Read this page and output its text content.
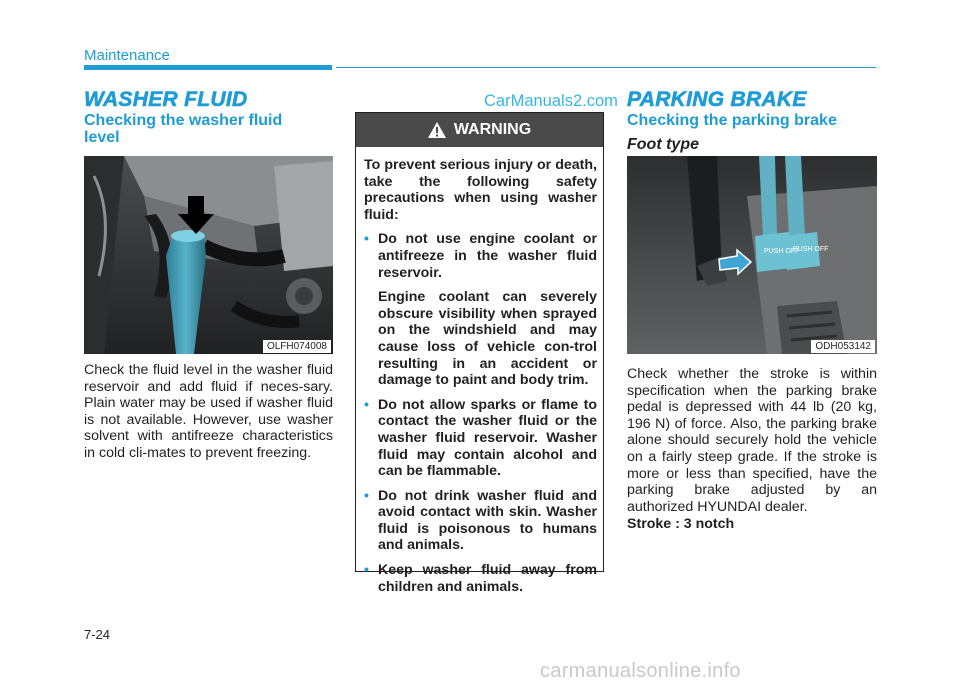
Maintenance
WASHER FLUID
Checking the washer fluid level
OLFH074008
Check the fluid level in the washer fluid reservoir and add fluid if neces-sary. Plain water may be used if washer fluid is not available. However, use washer solvent with antifreeze characteristics in cold cli-mates to prevent freezing.
CarManuals2.com
WARNING

To prevent serious injury or death, take the following safety precautions when using washer fluid:

• Do not use engine coolant or antifreeze in the washer fluid reservoir.
Engine coolant can severely obscure visibility when sprayed on the windshield and may cause loss of vehicle con-trol resulting in an accident or damage to paint and body trim.
• Do not allow sparks or flame to contact the washer fluid or the washer fluid reservoir. Washer fluid may contain alcohol and can be flammable.
• Do not drink washer fluid and avoid contact with skin. Washer fluid is poisonous to humans and animals.
• Keep washer fluid away from children and animals.
PARKING BRAKE
Checking the parking brake
Foot type
PUSH OFF
PUSH OFF
ODH053142
Check whether the stroke is within specification when the parking brake pedal is depressed with 44 lb (20 kg, 196 N) of force. Also, the parking brake alone should securely hold the vehicle on a fairly steep grade. If the stroke is more or less than specified, have the parking brake adjusted by an authorized HYUNDAI dealer.
Stroke : 3 notch
7-24
carmanualsonline.info
